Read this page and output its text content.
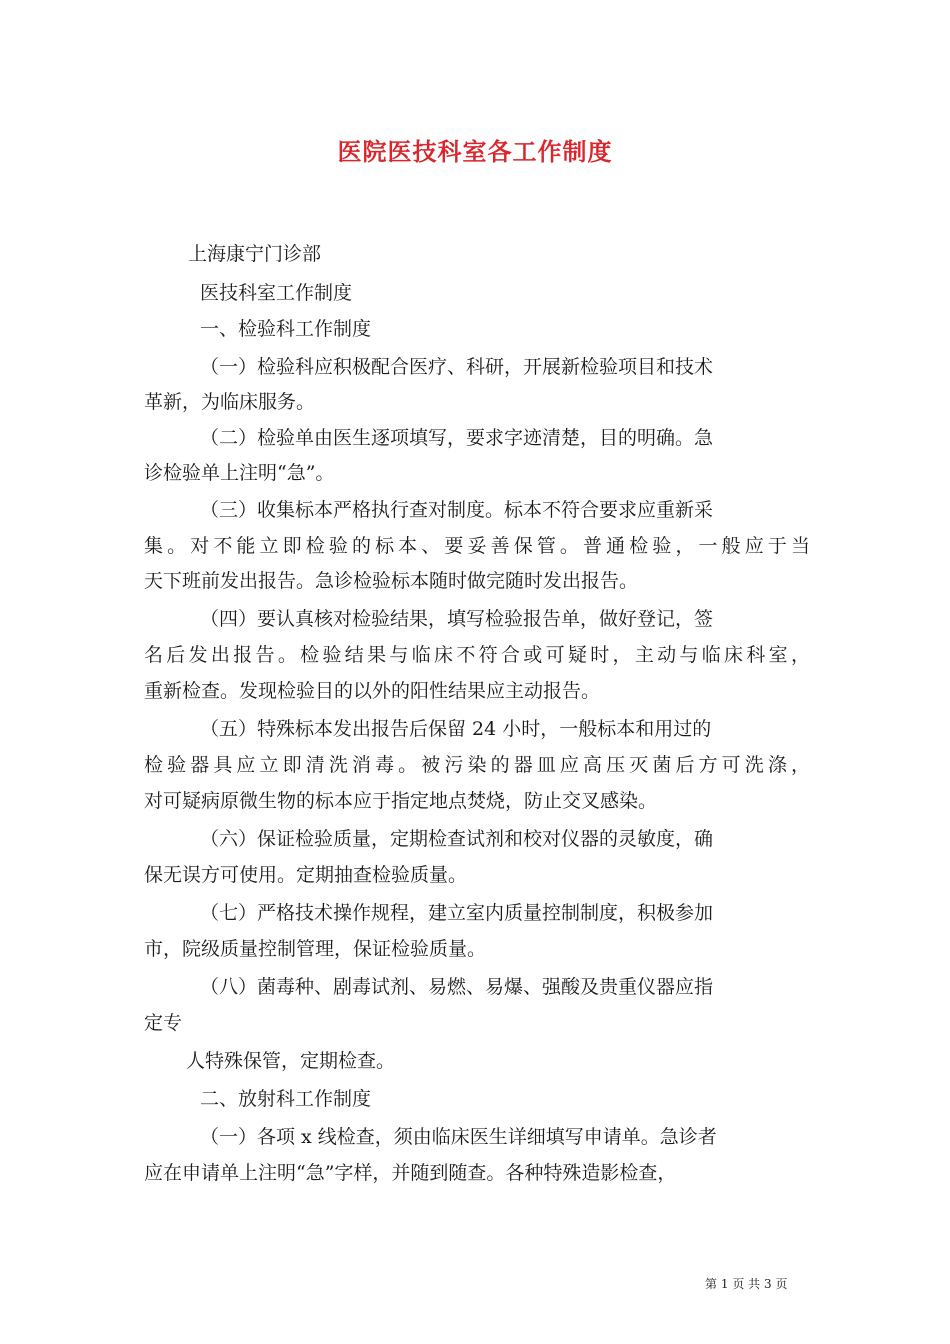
医院医技科室各工作制度
上海康宁门诊部
医技科室工作制度
一、检验科工作制度
（一）检验科应积极配合医疗、科研，开展新检验项目和技术
革新，为临床服务。
（二）检验单由医生逐项填写，要求字迹清楚，目的明确。急
诊检验单上注明“急”。
（三）收集标本严格执行查对制度。标本不符合要求应重新采
集。对不能立即检验的标本、要妥善保管。普通检验，一般应于当
天下班前发出报告。急诊检验标本随时做完随时发出报告。
（四）要认真核对检验结果，填写检验报告单，做好登记，签
名后发出报告。检验结果与临床不符合或可疑时，主动与临床科室，
重新检查。发现检验目的以外的阳性结果应主动报告。
（五）特殊标本发出报告后保留 24 小时，一般标本和用过的
检验器具应立即清洗消毒。被污染的器皿应高压灭菌后方可洗涤，
对可疑病原微生物的标本应于指定地点焚烧，防止交叉感染。
（六）保证检验质量，定期检查试剂和校对仪器的灵敏度，确
保无误方可使用。定期抽查检验质量。
（七）严格技术操作规程，建立室内质量控制制度，积极参加
市，院级质量控制管理，保证检验质量。
（八）菌毒种、剧毒试剂、易燃、易爆、强酸及贵重仪器应指
定专
人特殊保管，定期检查。
二、放射科工作制度
（一）各项 x 线检查，须由临床医生详细填写申请单。急诊者
应在申请单上注明“急”字样，并随到随查。各种特殊造影检查，
第 1 页 共 3 页
